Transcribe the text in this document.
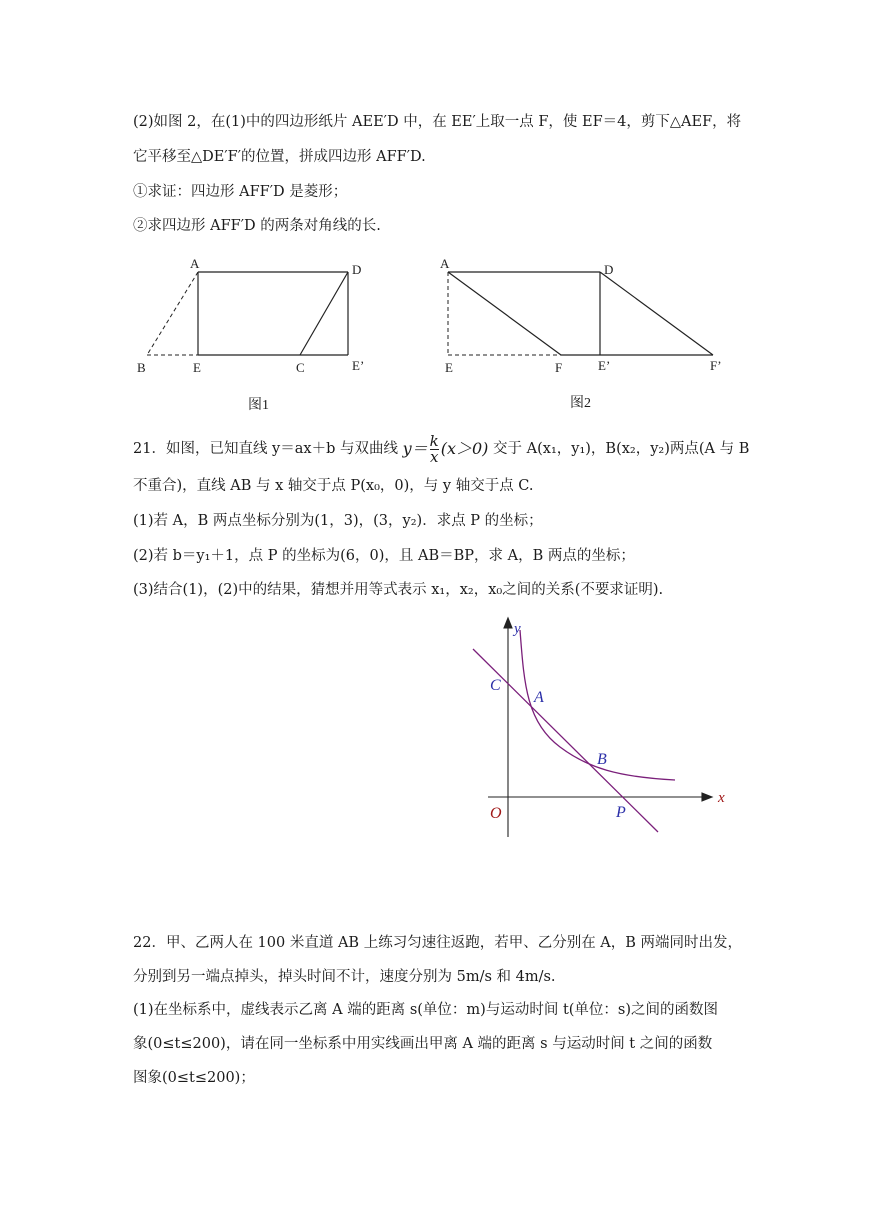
(2)如图 2，在(1)中的四边形纸片 AEE′D 中，在 EE′上取一点 F，使 EF＝4，剪下△AEF，将
它平移至△DE′F′的位置，拼成四边形 AFF′D.
①求证：四边形 AFF′D 是菱形；
②求四边形 AFF′D 的两条对角线的长.
A	D
B	E	C	E’
图1
A	D
E	F	E’	F’
图2
21．如图，已知直线 y＝ax＋b 与双曲线 $y= \frac{k}{x} (x>0)$ 交于 A(x₁，y₁)，B(x₂，y₂)两点(A 与 B
不重合)，直线 AB 与 x 轴交于点 P(x₀，0)，与 y 轴交于点 C.
(1)若 A，B 两点坐标分别为(1，3)，(3，y₂)．求点 P 的坐标；
(2)若 b＝y₁＋1，点 P 的坐标为(6，0)，且 AB＝BP，求 A，B 两点的坐标；
(3)结合(1)，(2)中的结果，猜想并用等式表示 x₁，x₂，x₀之间的关系(不要求证明).
y
x
C
A
B
O	P
22．甲、乙两人在 100 米直道 AB 上练习匀速往返跑，若甲、乙分别在 A，B 两端同时出发，
分别到另一端点掉头，掉头时间不计，速度分别为 5m/s 和 4m/s.
(1)在坐标系中，虚线表示乙离 A 端的距离 s(单位：m)与运动时间 t(单位：s)之间的函数图
象(0≤t≤200)，请在同一坐标系中用实线画出甲离 A 端的距离 s 与运动时间 t 之间的函数
图象(0≤t≤200)；
